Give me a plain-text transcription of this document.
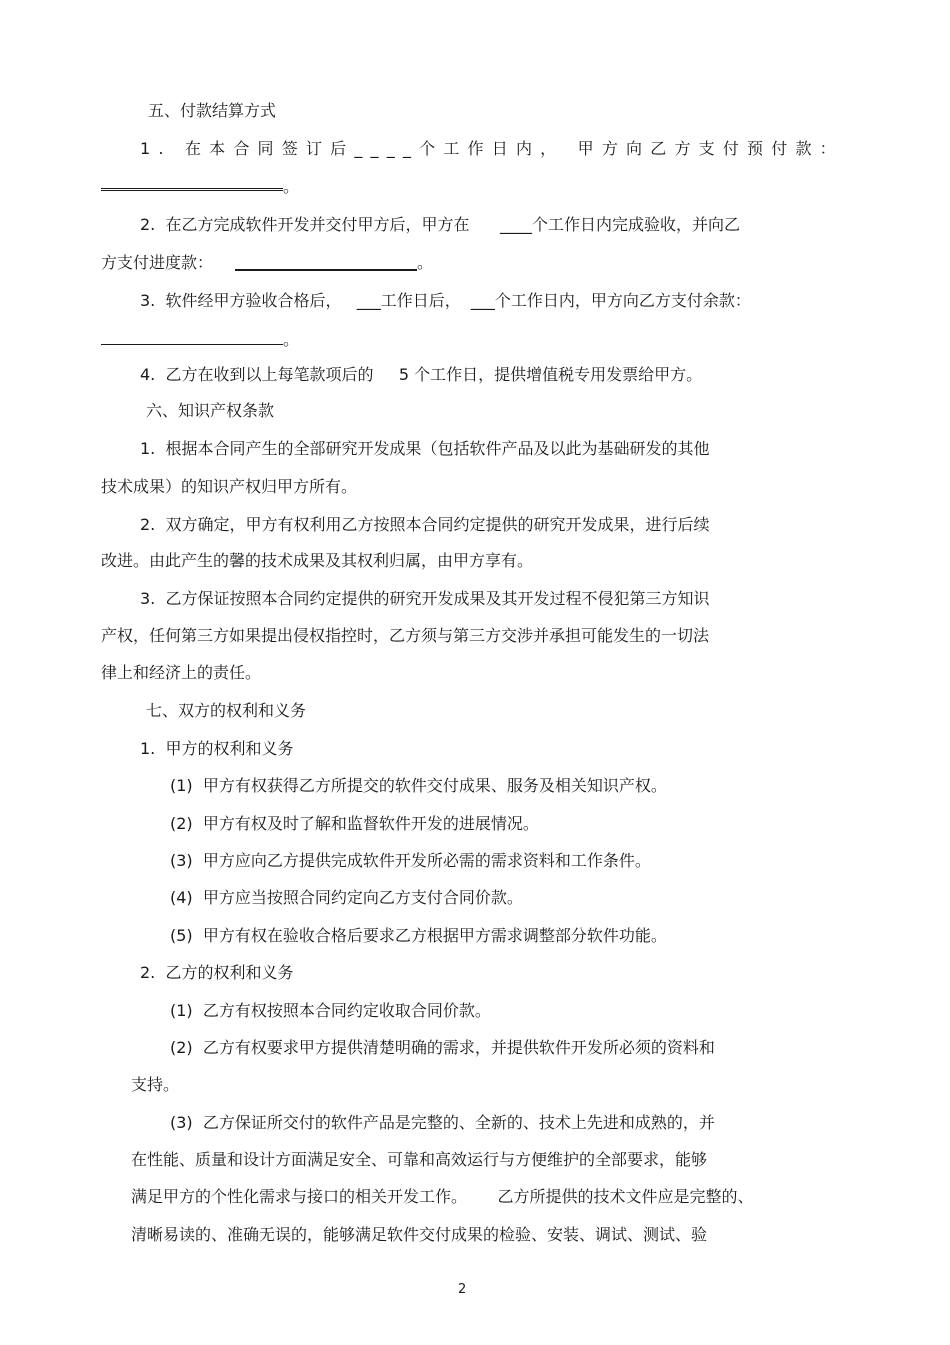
五、付款结算方式
1. 在本合同签订后____个工作日内， 甲方向乙方支付预付款：
。
2.  在乙方完成软件开发并交付甲方后，甲方在      ____个工作日内完成验收，并向乙
方支付进度款：	。
3.  软件经甲方验收合格后，   ___工作日后，  ___个工作日内，甲方向乙方支付余款：
。
4.  乙方在收到以上每笔款项后的     5 个工作日，提供增值税专用发票给甲方。
六、知识产权条款
1.  根据本合同产生的全部研究开发成果（包括软件产品及以此为基础研发的其他
技术成果）的知识产权归甲方所有。
2.  双方确定，甲方有权利用乙方按照本合同约定提供的研究开发成果，进行后续
改进。由此产生的馨的技术成果及其权利归属，由甲方享有。
3.  乙方保证按照本合同约定提供的研究开发成果及其开发过程不侵犯第三方知识
产权，任何第三方如果提出侵权指控时，乙方须与第三方交涉并承担可能发生的一切法
律上和经济上的责任。
七、双方的权利和义务
1.  甲方的权利和义务
(1)  甲方有权获得乙方所提交的软件交付成果、服务及相关知识产权。
(2)  甲方有权及时了解和监督软件开发的进展情况。
(3)  甲方应向乙方提供完成软件开发所必需的需求资料和工作条件。
(4)  甲方应当按照合同约定向乙方支付合同价款。
(5)  甲方有权在验收合格后要求乙方根据甲方需求调整部分软件功能。
2.  乙方的权利和义务
(1)  乙方有权按照本合同约定收取合同价款。
(2)  乙方有权要求甲方提供清楚明确的需求，并提供软件开发所必须的资料和
支持。
(3)  乙方保证所交付的软件产品是完整的、全新的、技术上先进和成熟的，并
在性能、质量和设计方面满足安全、可靠和高效运行与方便维护的全部要求，能够
满足甲方的个性化需求与接口的相关开发工作。      乙方所提供的技术文件应是完整的、
清晰易读的、准确无误的，能够满足软件交付成果的检验、安装、调试、测试、验
2
